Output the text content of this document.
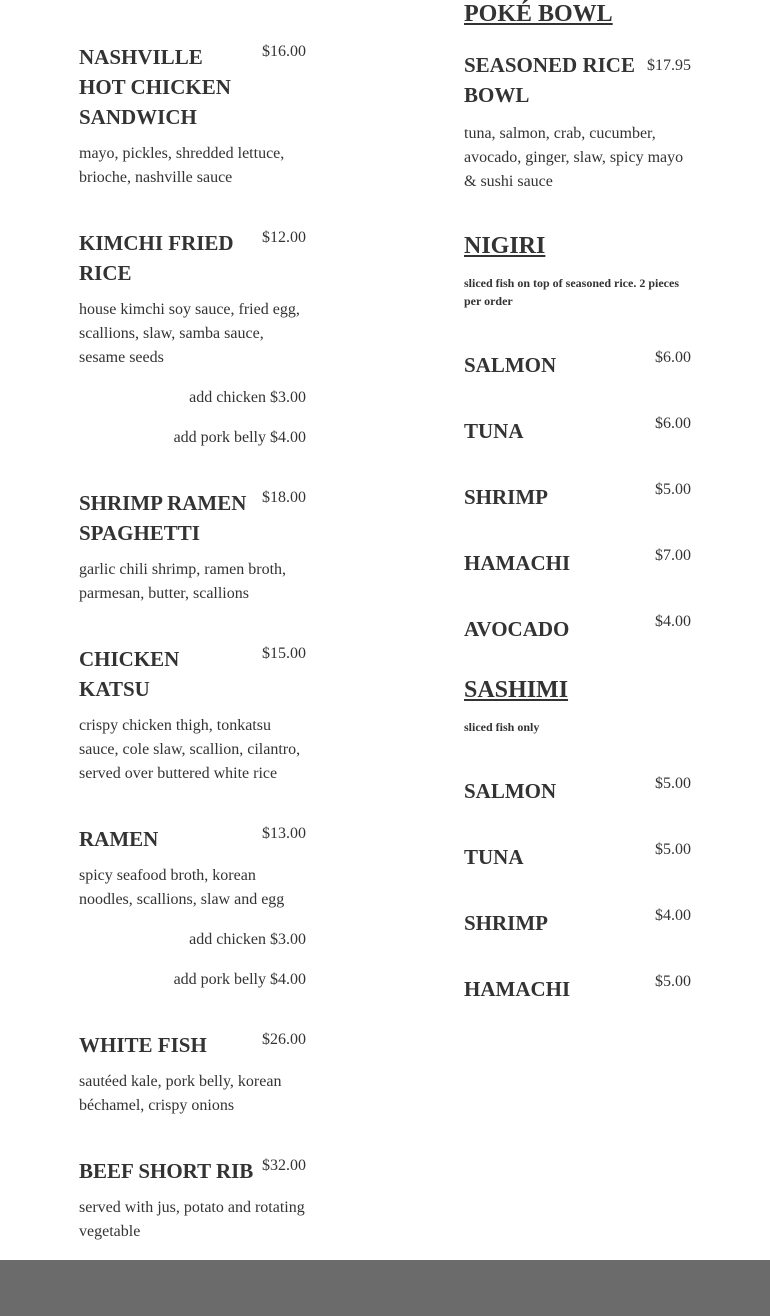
NASHVILLE HOT CHICKEN SANDWICH
$16.00
mayo, pickles, shredded lettuce, brioche, nashville sauce
KIMCHI FRIED RICE
$12.00
house kimchi soy sauce, fried egg, scallions, slaw, samba sauce, sesame seeds
add chicken $3.00
add pork belly $4.00
SHRIMP RAMEN SPAGHETTI
$18.00
garlic chili shrimp, ramen broth, parmesan, butter, scallions
CHICKEN KATSU
$15.00
crispy chicken thigh, tonkatsu sauce, cole slaw, scallion, cilantro, served over buttered white rice
RAMEN	$13.00
spicy seafood broth, korean noodles, scallions, slaw and egg
add chicken $3.00
add pork belly $4.00
WHITE FISH	$26.00
sautéed kale, pork belly, korean béchamel, crispy onions
BEEF SHORT RIB $32.00
served with jus, potato and rotating vegetable
POKÉ BOWL
SEASONED RICE BOWL
$17.95
tuna, salmon, crab, cucumber, avocado, ginger, slaw, spicy mayo & sushi sauce
NIGIRI
sliced fish on top of seasoned rice. 2 pieces per order
SALMON	$6.00
TUNA	$6.00
SHRIMP	$5.00
HAMACHI	$7.00
AVOCADO	$4.00
SASHIMI
sliced fish only
SALMON	$5.00
TUNA	$5.00
SHRIMP	$4.00
HAMACHI	$5.00
